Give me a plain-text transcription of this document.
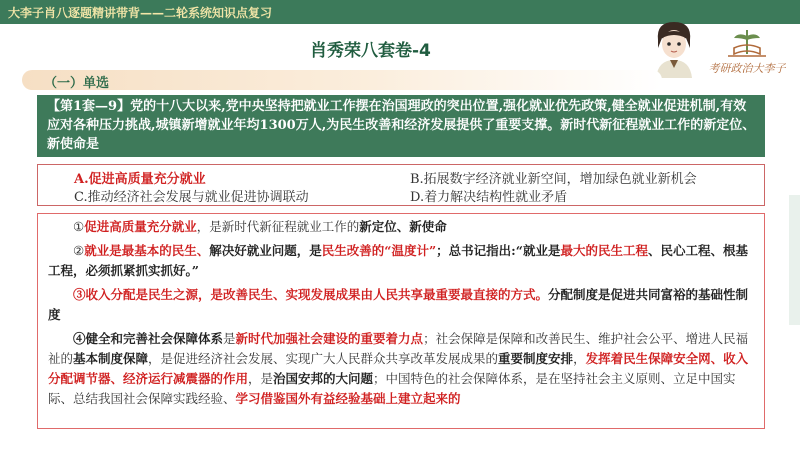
大李子肖八逐题精讲带背——二轮系统知识点复习
肖秀荣八套卷-4
考研政治大李子
（一）单选
【第1套—9】党的十八大以来,党中央坚持把就业工作摆在治国理政的突出位置,强化就业优先政策,健全就业促进机制,有效应对各种压力挑战,城镇新增就业年均1300万人,为民生改善和经济发展提供了重要支撑。新时代新征程就业工作的新定位、新使命是
A.促进高质量充分就业	B.拓展数字经济就业新空间，增加绿色就业新机会
C.推动经济社会发展与就业促进协调联动	D.着力解决结构性就业矛盾

①促进高质量充分就业，是新时代新征程就业工作的新定位、新使命

②就业是最基本的民生、解决好就业问题，是民生改善的“温度计”；总书记指出:“就业是最大的民生工程、民心工程、根基工程，必须抓紧抓实抓好。”

③收入分配是民生之源，是改善民生、实现发展成果由人民共享最重要最直接的方式。分配制度是促进共同富裕的基础性制度

④健全和完善社会保障体系是新时代加强社会建设的重要着力点；社会保障是保障和改善民生、维护社会公平、增进人民福祉的基本制度保障，是促进经济社会发展、实现广大人民群众共享改革发展成果的重要制度安排，发挥着民生保障安全网、收入分配调节器、经济运行减震器的作用，是治国安邦的大问题；中国特色的社会保障体系，是在坚持社会主义原则、立足中国实际、总结我国社会保障实践经验、学习借鉴国外有益经验基础上建立起来的
